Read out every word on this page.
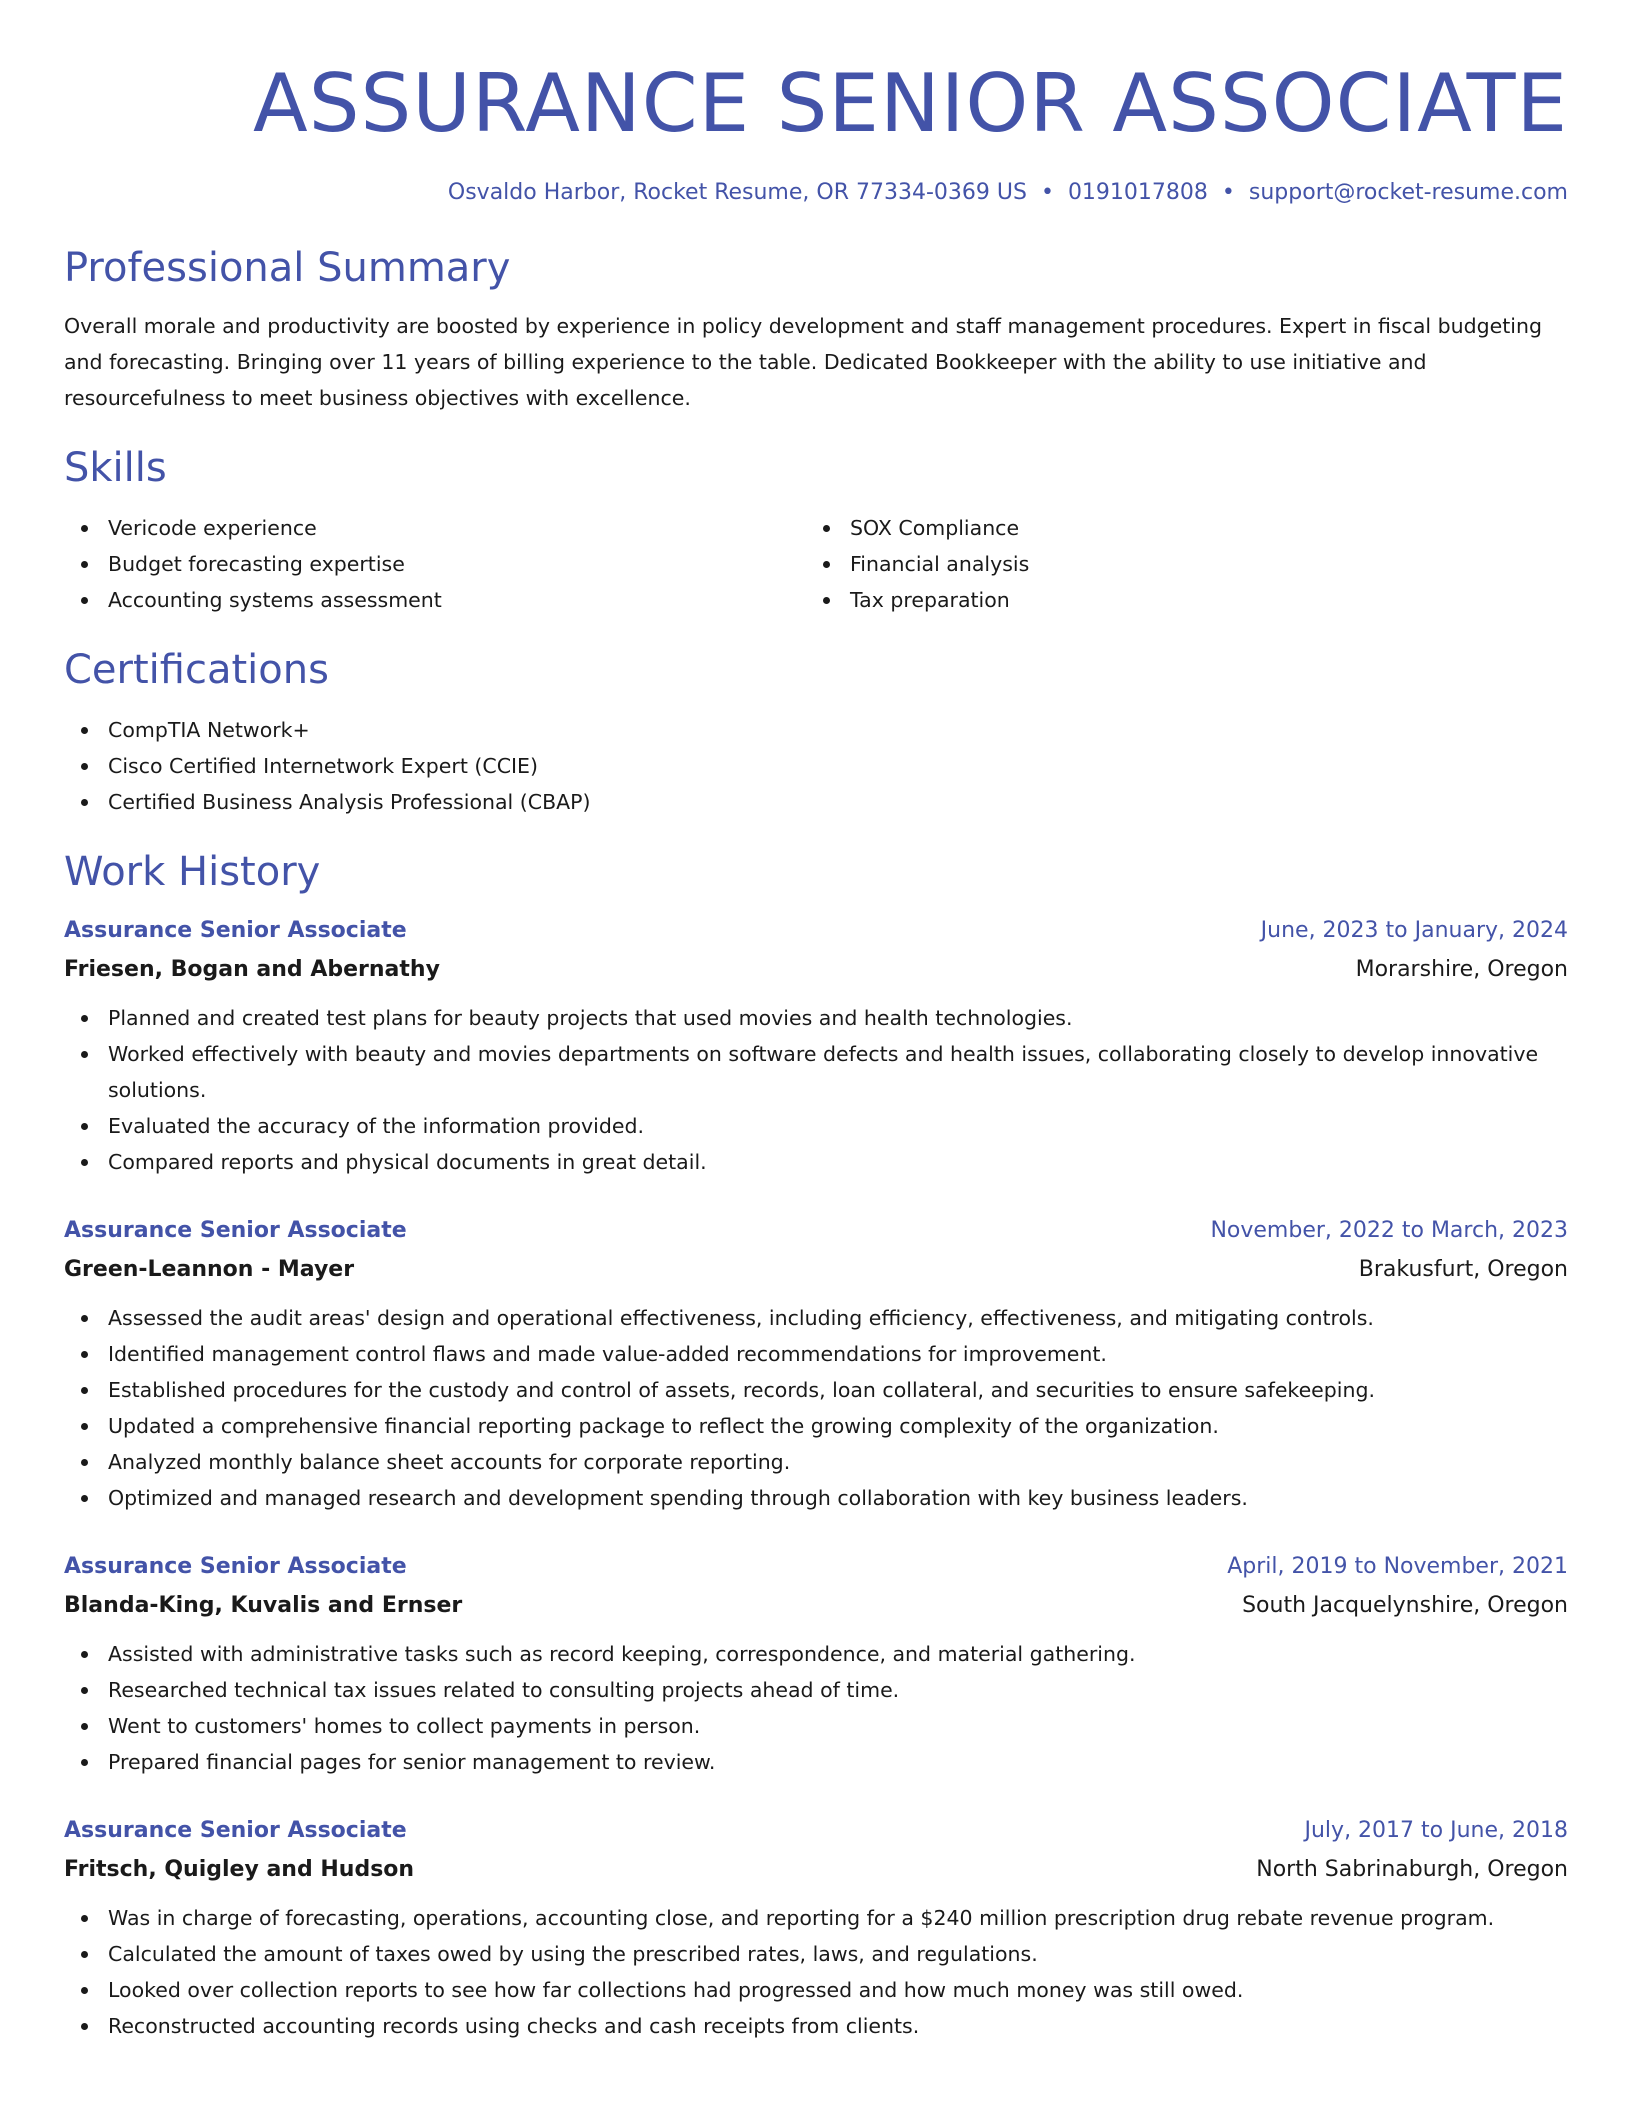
ASSURANCE SENIOR ASSOCIATE
Osvaldo Harbor, Rocket Resume, OR 77334-0369 US • 0191017808 • support@rocket-resume.com
Professional Summary

Overall morale and productivity are boosted by experience in policy development and staff management procedures. Expert in fiscal budgeting and forecasting. Bringing over 11 years of billing experience to the table. Dedicated Bookkeeper with the ability to use initiative and resourcefulness to meet business objectives with excellence.

Skills
Vericode experience
Budget forecasting expertise
Accounting systems assessment
SOX Compliance
Financial analysis
Tax preparation
Certifications
CompTIA Network+
Cisco Certified Internetwork Expert (CCIE)
Certified Business Analysis Professional (CBAP)
Work History
Assurance Senior Associate	June, 2023 to January, 2024
Friesen, Bogan and Abernathy	Morarshire, Oregon
Planned and created test plans for beauty projects that used movies and health technologies.
Worked effectively with beauty and movies departments on software defects and health issues, collaborating closely to develop innovative solutions.
Evaluated the accuracy of the information provided.
Compared reports and physical documents in great detail.
Assurance Senior Associate	November, 2022 to March, 2023
Green-Leannon - Mayer	Brakusfurt, Oregon
Assessed the audit areas' design and operational effectiveness, including efficiency, effectiveness, and mitigating controls.
Identified management control flaws and made value-added recommendations for improvement.
Established procedures for the custody and control of assets, records, loan collateral, and securities to ensure safekeeping.
Updated a comprehensive financial reporting package to reflect the growing complexity of the organization.
Analyzed monthly balance sheet accounts for corporate reporting.
Optimized and managed research and development spending through collaboration with key business leaders.
Assurance Senior Associate	April, 2019 to November, 2021
Blanda-King, Kuvalis and Ernser	South Jacquelynshire, Oregon
Assisted with administrative tasks such as record keeping, correspondence, and material gathering.
Researched technical tax issues related to consulting projects ahead of time.
Went to customers' homes to collect payments in person.
Prepared financial pages for senior management to review.
Assurance Senior Associate	July, 2017 to June, 2018
Fritsch, Quigley and Hudson	North Sabrinaburgh, Oregon
Was in charge of forecasting, operations, accounting close, and reporting for a $240 million prescription drug rebate revenue program.
Calculated the amount of taxes owed by using the prescribed rates, laws, and regulations.
Looked over collection reports to see how far collections had progressed and how much money was still owed.
Reconstructed accounting records using checks and cash receipts from clients.
